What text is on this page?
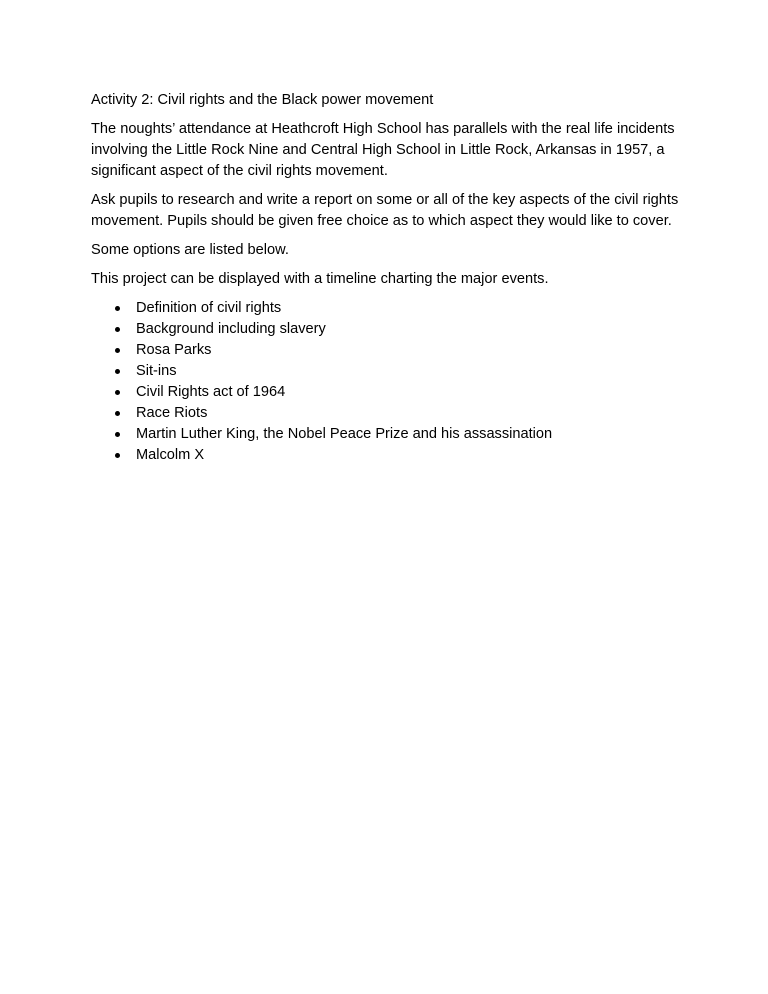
Activity 2: Civil rights and the Black power movement

The noughts’ attendance at Heathcroft High School has parallels with the real life incidents involving the Little Rock Nine and Central High School in Little Rock, Arkansas in 1957, a significant aspect of the civil rights movement.

Ask pupils to research and write a report on some or all of the key aspects of the civil rights movement. Pupils should be given free choice as to which aspect they would like to cover.

Some options are listed below.

This project can be displayed with a timeline charting the major events.

Definition of civil rights
Background including slavery
Rosa Parks
Sit-ins
Civil Rights act of 1964
Race Riots
Martin Luther King, the Nobel Peace Prize and his assassination
Malcolm X
